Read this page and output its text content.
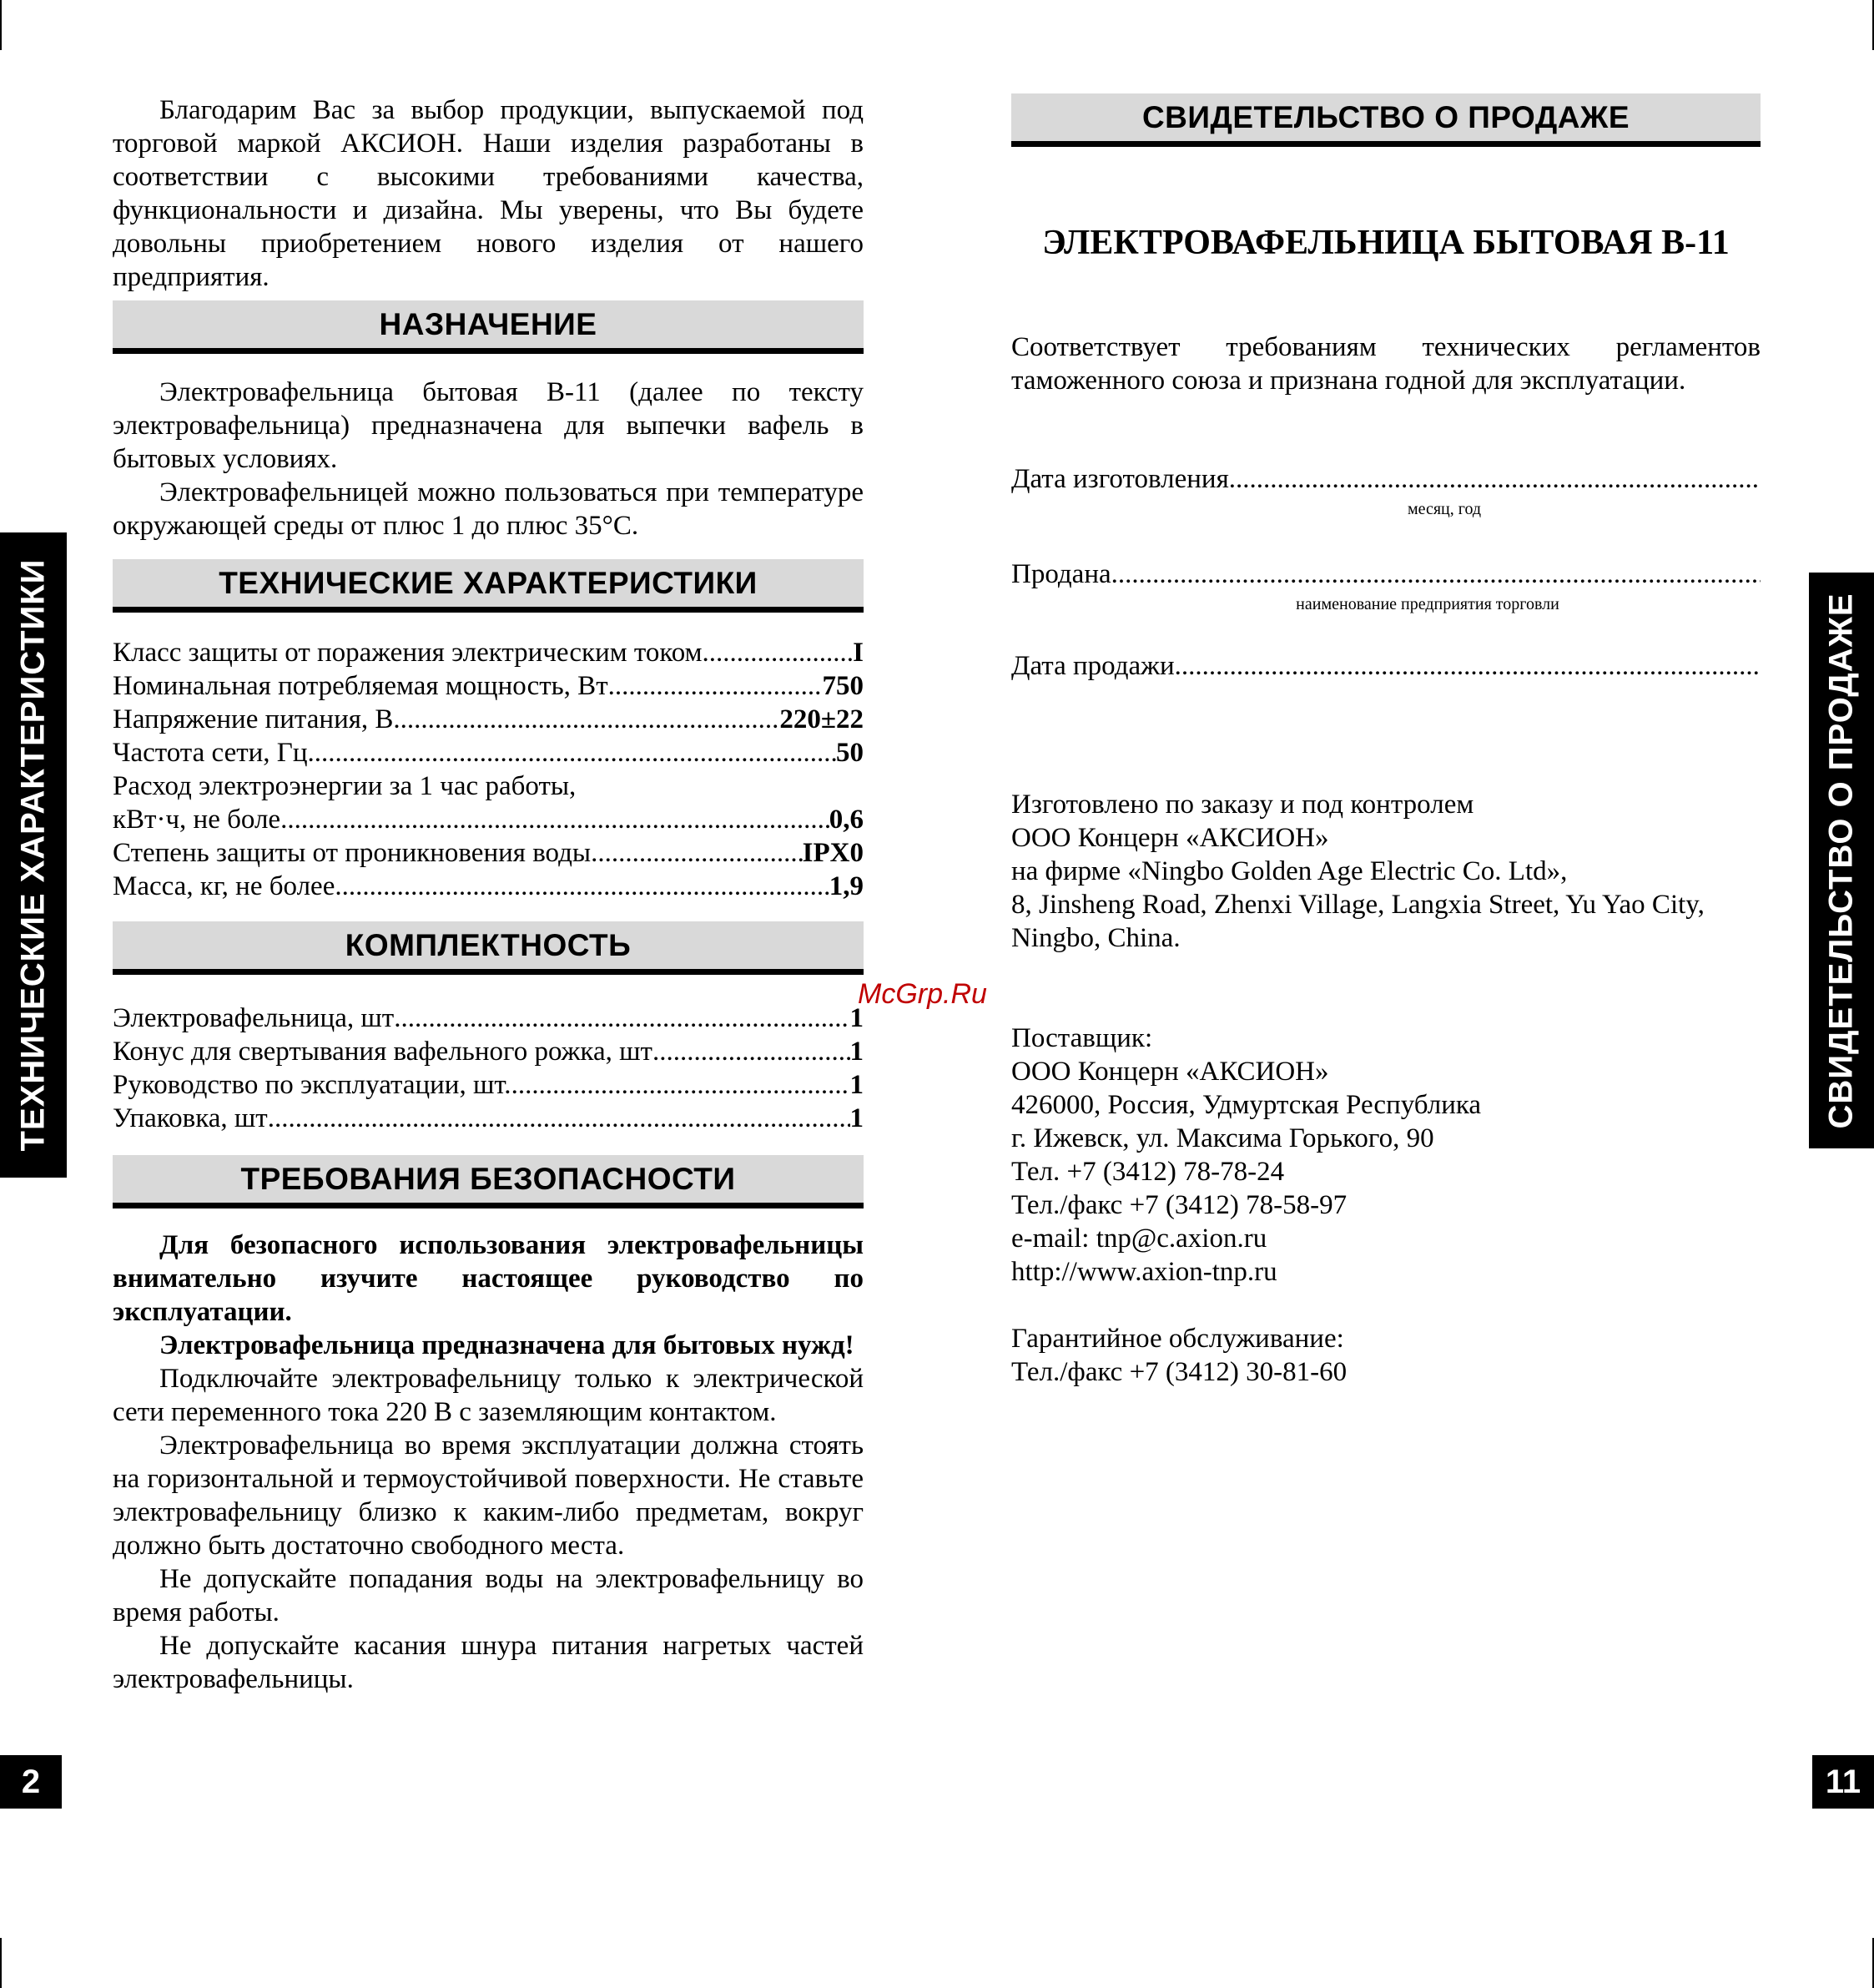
Благодарим Вас за выбор продукции, выпускаемой под торговой маркой АКСИОН. Наши изделия разработаны в соответствии с высокими требованиями качества, функциональности и дизайна. Мы уверены, что Вы будете довольны приобретением нового изделия от нашего предприятия.

НАЗНАЧЕНИЕ

Электровафельница бытовая В-11 (далее по тексту электровафельница) предназначена для выпечки вафель в бытовых условиях.

Электровафельницей можно пользоваться при температуре окружающей среды от плюс 1 до плюс 35°С.

ТЕХНИЧЕСКИЕ ХАРАКТЕРИСТИКИ
Класс защиты от поражения электрическим током .....	I
Номинальная потребляемая мощность, Вт .....	750
Напряжение питания, В .....	220±22
Частота сети, Гц .....	50
Расход электроэнергии за 1 час работы,
кВт·ч, не боле .....	0,6
Степень защиты от проникновения воды .....	IPX0
Масса, кг, не более .....	1,9
КОМПЛЕКТНОСТЬ
Электровафельница, шт .....	1
Конус для свертывания вафельного рожка, шт .....	1
Руководство по эксплуатации, шт. .....	1
Упаковка, шт .....	1
ТРЕБОВАНИЯ БЕЗОПАСНОСТИ

Для безопасного использования электровафельницы внимательно изучите настоящее руководство по эксплуатации.

Электровафельница предназначена для бытовых нужд!

Подключайте электровафельницу только к электрической сети переменного тока 220 В с заземляющим контактом.

Электровафельница во время эксплуатации должна стоять на горизонтальной и термоустойчивой поверхности. Не ставьте электровафельницу близко к каким-либо предметам, вокруг должно быть достаточно свободного места.

Не допускайте попадания воды на электровафельницу во время работы.

Не допускайте касания шнура питания нагретых частей электровафельницы.

ТЕХНИЧЕСКИЕ ХАРАКТЕРИСТИКИ
2
СВИДЕТЕЛЬСТВО О ПРОДАЖЕ
ЭЛЕКТРОВАФЕЛЬНИЦА БЫТОВАЯ В-11

Соответствует требованиям технических регламентов таможенного союза и признана годной для эксплуатации.

Дата изготовления
.....
месяц, год
Продана
.....
наименование предприятия торговли
Дата продажи
.....
Изготовлено по заказу и под контролем
ООО Концерн «АКСИОН»
на фирме «Ningbo Golden Age Electric Co. Ltd»,
8, Jinsheng Road, Zhenxi Village, Langxia Street, Yu Yao City,
Ningbo, China.
Поставщик:
ООО Концерн «АКСИОН»
426000, Россия, Удмуртская Республика
г. Ижевск, ул. Максима Горького, 90
Тел. +7 (3412) 78-78-24
Тел./факс +7 (3412) 78-58-97
e-mail: tnp@c.axion.ru
http://www.axion-tnp.ru
Гарантийное обслуживание:
Тел./факс +7 (3412) 30-81-60
СВИДЕТЕЛЬСТВО О ПРОДАЖЕ
11
McGrp.Ru
